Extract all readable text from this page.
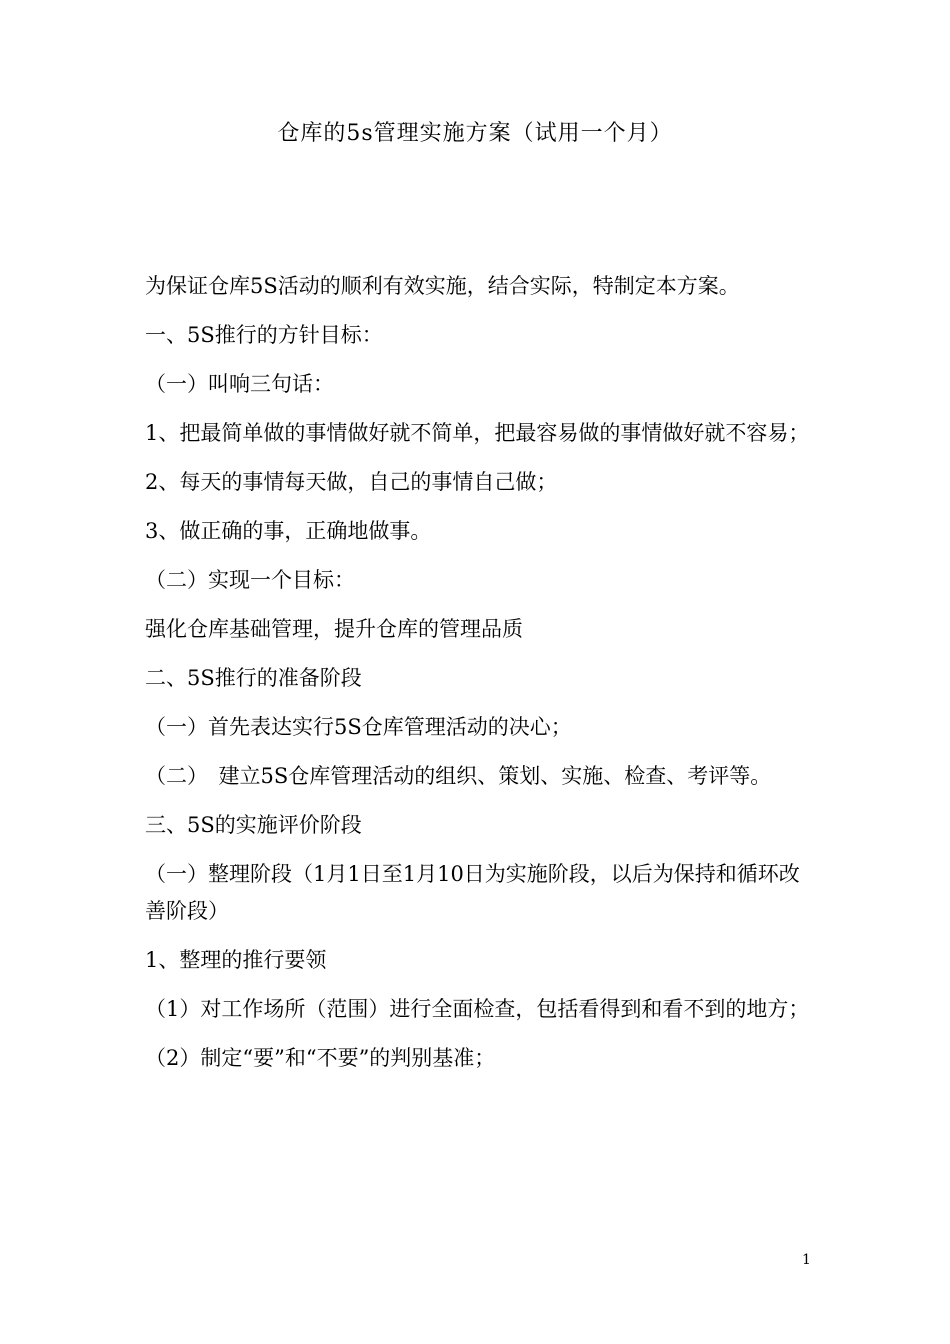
仓库的5s管理实施方案（试用一个月）

为保证仓库5S活动的顺利有效实施，结合实际，特制定本方案。

一、5S推行的方针目标：

（一）叫响三句话：

1、把最简单做的事情做好就不简单，把最容易做的事情做好就不容易；

2、每天的事情每天做，自己的事情自己做；

3、做正确的事，正确地做事。

（二）实现一个目标：

强化仓库基础管理，提升仓库的管理品质

二、5S推行的准备阶段

（一）首先表达实行5S仓库管理活动的决心；

（二）　建立5S仓库管理活动的组织、策划、实施、检查、考评等。

三、5S的实施评价阶段

（一）整理阶段（1月1日至1月10日为实施阶段，以后为保持和循环改善阶段）

1、整理的推行要领

（1）对工作场所（范围）进行全面检查，包括看得到和看不到的地方；

（2）制定“要”和“不要”的判别基准；

1
